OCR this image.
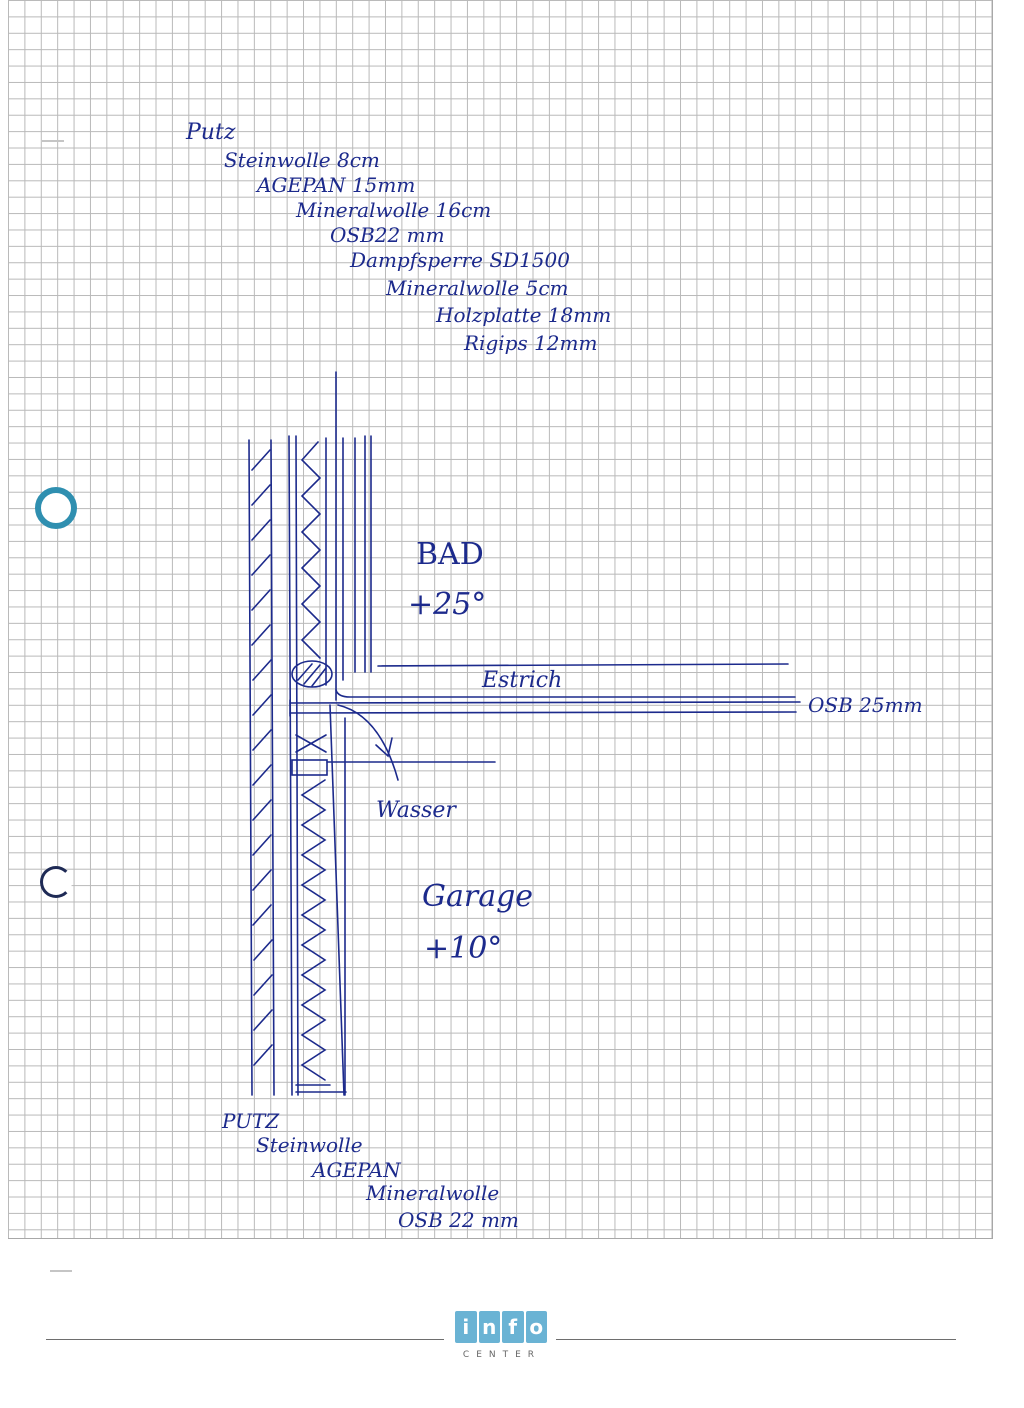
Putz
Steinwolle 8cm
AGEPAN 15mm
Mineralwolle 16cm
OSB22 mm
Dampfsperre SD1500
Mineralwolle 5cm
Holzplatte 18mm
Rigips 12mm
BAD
+25°
Garage
+10°
Estrich
OSB 25mm
Wasser
PUTZ
Steinwolle
AGEPAN
Mineralwolle
OSB 22 mm
i n f o
CENTER
